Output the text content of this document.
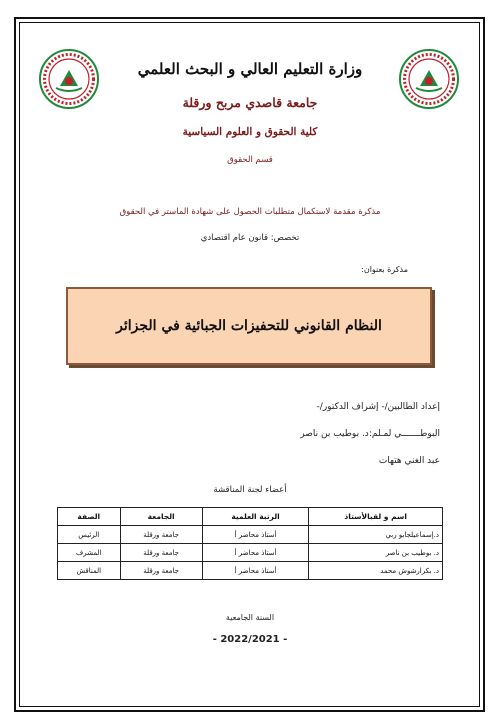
وزارة التعليم العالي و البحث العلمي
جامعة قاصدي مربح ورقلة
كلية الحقوق و العلوم السياسية
قسم الحقوق
مذكرة مقدمة لاستكمال متطلبات الحصول على شهادة الماستر في الحقوق
تخصص: قانون عام اقتصادي
مذكرة بعنوان:
النظام القانوني للتحفيزات الجبائية في الجزائر
إعداد الطالبين/- إشراف الدكتور/-
البوطـــــــي لمـلم:د. بوطيب بن ناصر
عبد الغني هتهات
أعضاء لجنة المناقشة
اسم و لقبالأستاذ	الرتبة العلمية	الجامعة	الصفة
د.إسماعيلجابو ربي	أستاذ محاضر أ	جامعة ورقلة	الرئيس
د. بوطيب بن ناصر	أستاذ محاضر أ	جامعة ورقلة	المشرف
د. بكرارشوش محمد	أستاذ محاضر أ	جامعة ورقلة	المناقش
السنة الجامعية
- 2022/2021 -
